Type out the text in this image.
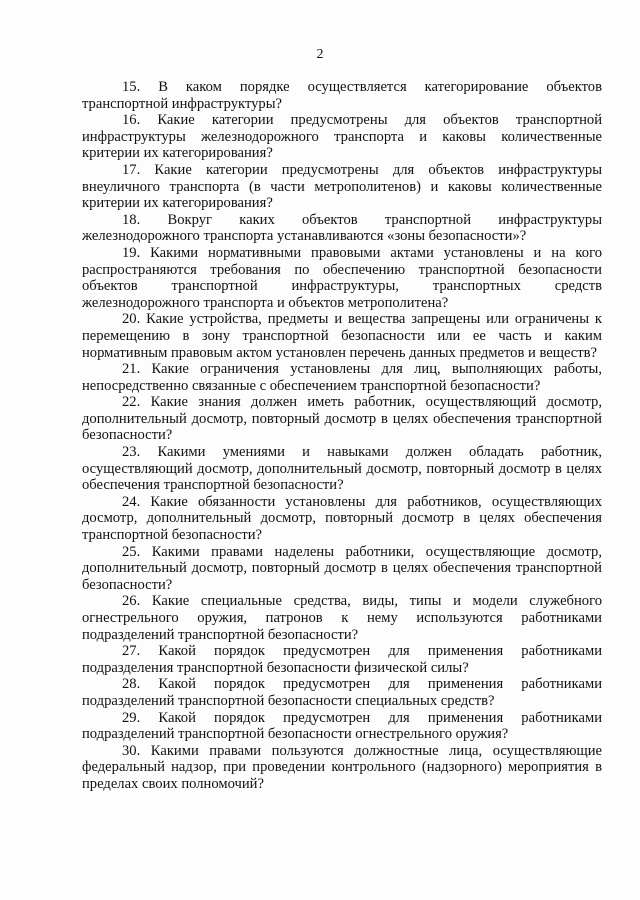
2

15 . В каком порядке осуществляется категорирование объектов транспортной инфраструктуры?

16 . Какие категории предусмотрены для объектов транспортной инфраструктуры железнодорожного транспорта и каковы количественные критерии их категорирования?

17 . Какие категории предусмотрены для объектов инфраструктуры внеуличного транспорта (в части метрополитенов) и каковы количественные критерии их категорирования?

18 . Вокруг каких объектов транспортной инфраструктуры железнодорожного транспорта устанавливаются «зоны безопасности»?

19 . Какими нормативными правовыми актами установлены и на кого распространяются требования по обеспечению транспортной безопасности объектов транспортной инфраструктуры, транспортных средств железнодорожного транспорта и объектов метрополитена?

20 . Какие устройства, предметы и вещества запрещены или ограничены к перемещению в зону транспортной безопасности или ее часть и каким нормативным правовым актом установлен перечень данных предметов и веществ?

21 . Какие ограничения установлены для лиц, выполняющих работы, непосредственно связанные с обеспечением транспортной безопасности?

22 . Какие знания должен иметь работник, осуществляющий досмотр, дополнительный досмотр, повторный досмотр в целях обеспечения транспортной безопасности?

23 . Какими умениями и навыками должен обладать работник, осуществляющий досмотр, дополнительный досмотр, повторный досмотр в целях обеспечения транспортной безопасности?

24 . Какие обязанности установлены для работников, осуществляющих досмотр, дополнительный досмотр, повторный досмотр в целях обеспечения транспортной безопасности?

25 . Какими правами наделены работники, осуществляющие досмотр, дополнительный досмотр, повторный досмотр в целях обеспечения транспортной безопасности?

26 . Какие специальные средства, виды, типы и модели служебного огнестрельного оружия, патронов к нему используются работниками подразделений транспортной безопасности?

27 . Какой порядок предусмотрен для применения работниками подразделения транспортной безопасности физической силы?

28 . Какой порядок предусмотрен для применения работниками подразделений транспортной безопасности специальных средств?

29 . Какой порядок предусмотрен для применения работниками подразделений транспортной безопасности огнестрельного оружия?

30 . Какими правами пользуются должностные лица, осуществляющие федеральный надзор, при проведении контрольного (надзорного) мероприятия в пределах своих полномочий?
